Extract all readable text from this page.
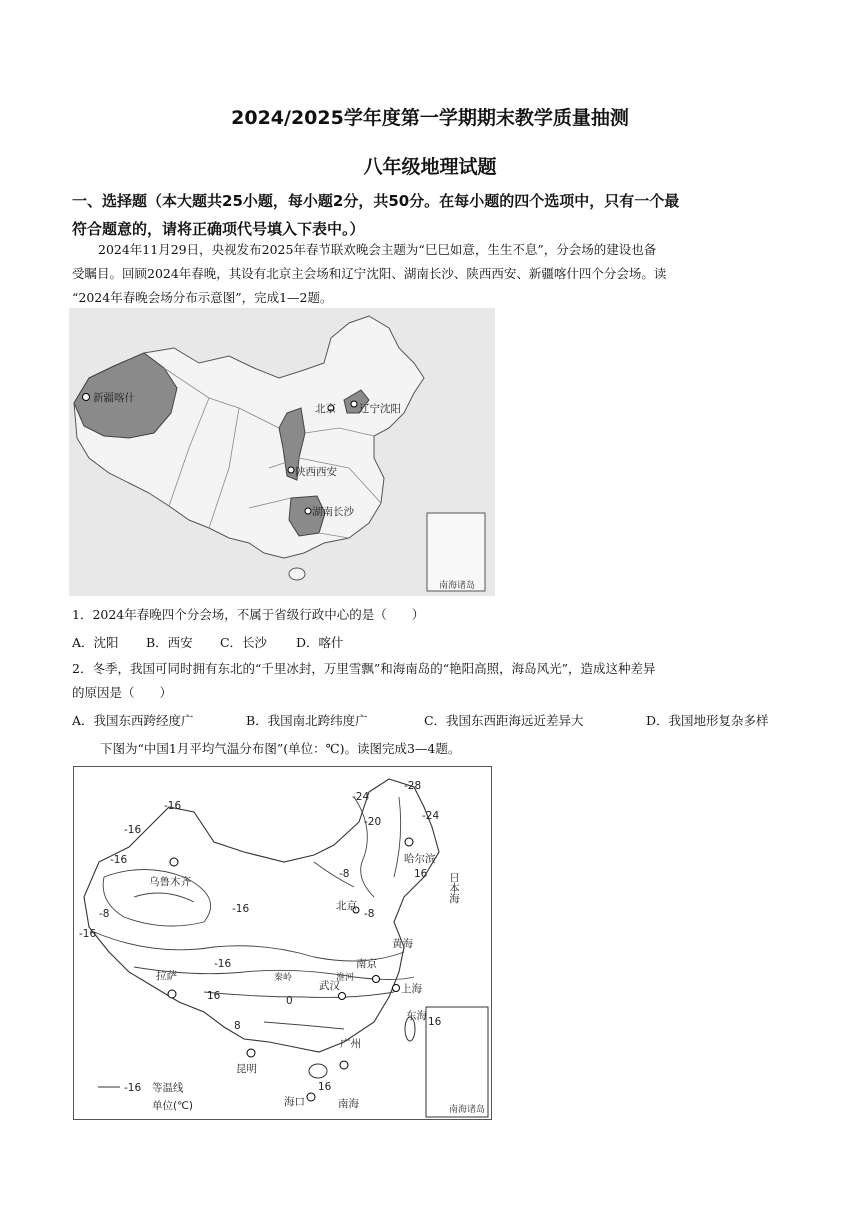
2024/2025学年度第一学期期末教学质量抽测
八年级地理试题
一、选择题（本大题共25小题，每小题2分，共50分。在每小题的四个选项中，只有一个最
符合题意的，请将正确项代号填入下表中。）
2024年11月29日，央视发布2025年春节联欢晚会主题为“巳巳如意，生生不息”，分会场的建设也备
受瞩目。回顾2024年春晚，其设有北京主会场和辽宁沈阳、湖南长沙、陕西西安、新疆喀什四个分会场。读
“2024年春晚会场分布示意图”，完成1—2题。
南海诸岛
新疆喀什
北京 辽宁沈阳
陕西西安
湖南长沙
1．2024年春晚四个分会场，不属于省级行政中心的是（　　）
A．沈阳 B．西安 C．长沙 D．喀什
2．冬季，我国可同时拥有东北的“千里冰封，万里雪飘”和海南岛的“艳阳高照，海岛风光”，造成这种差异
的原因是（　　）
A．我国东西跨经度广	B．我国南北跨纬度广	C．我国东西距海远近差异大	D．我国地形复杂多样
下图为“中国1月平均气温分布图”(单位：℃)。读图完成3—4题。
南海诸岛
乌鲁木齐
哈尔滨
北京
拉萨
南京
武汉	上海
昆明
广州
海口
日本海
黄海
东海
南海
秦岭	淮河
-28
-24
-24
-20
-16
-16
-16
-16
-16
-16
-8
-8
-8
0
8
16
16
16
16
-16 等温线
单位(℃)
